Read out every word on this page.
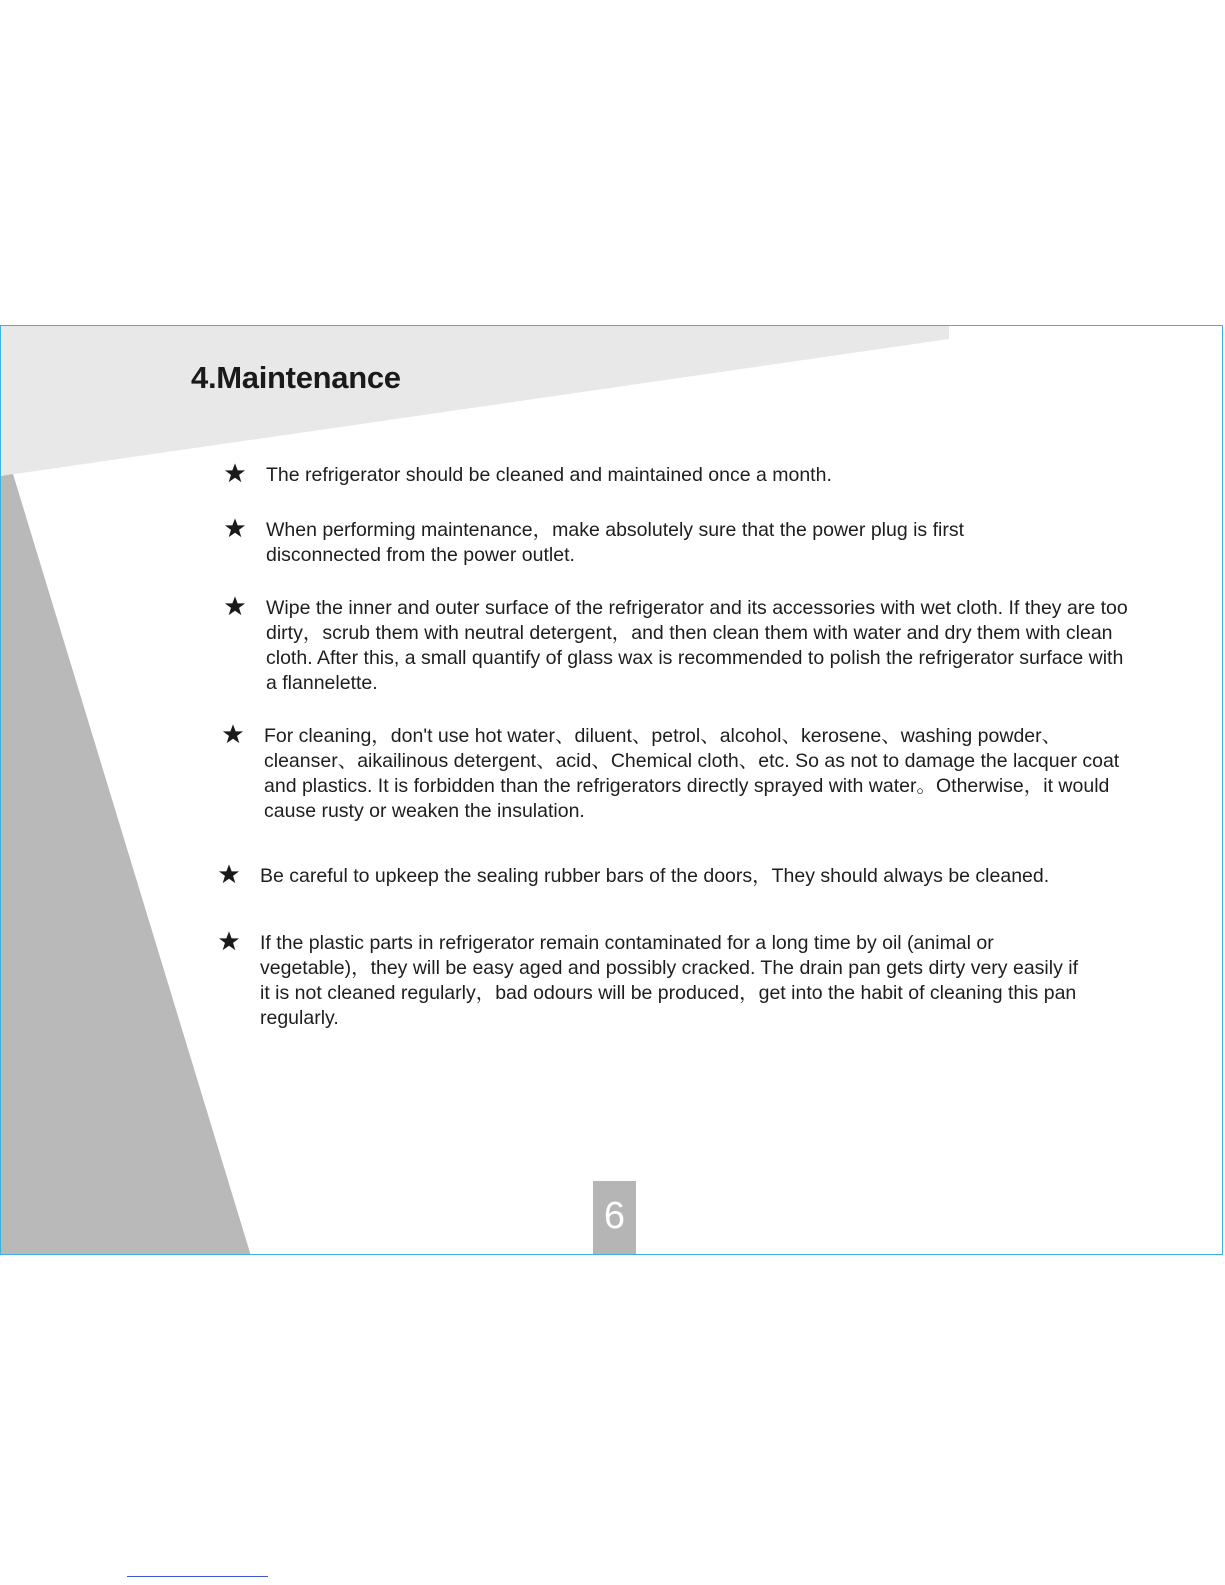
4.Maintenance

The refrigerator should be cleaned and maintained once a month.

When performing maintenance，make absolutely sure that the power plug is first disconnected from the power outlet.

Wipe the inner and outer surface of the refrigerator and its accessories with wet cloth. If they are too dirty，scrub them with neutral detergent，and then clean them with water and dry them with clean cloth. After this, a small quantify of glass wax is recommended to polish the refrigerator surface with a flannelette.

For cleaning，don't use hot water、diluent、petrol、alcohol、kerosene、washing powder、cleanser、aikailinous detergent、acid、Chemical cloth、etc. So as not to damage the lacquer coat and plastics. It is forbidden than the refrigerators directly sprayed with water。Otherwise，it would cause rusty or weaken the insulation.

Be careful to upkeep the sealing rubber bars of the doors，They should always be cleaned.

If the plastic parts in refrigerator remain contaminated for a long time by oil (animal or vegetable)，they will be easy aged and possibly cracked. The drain pan gets dirty very easily if it is not cleaned regularly，bad odours will be produced，get into the habit of cleaning this pan regularly.

6
